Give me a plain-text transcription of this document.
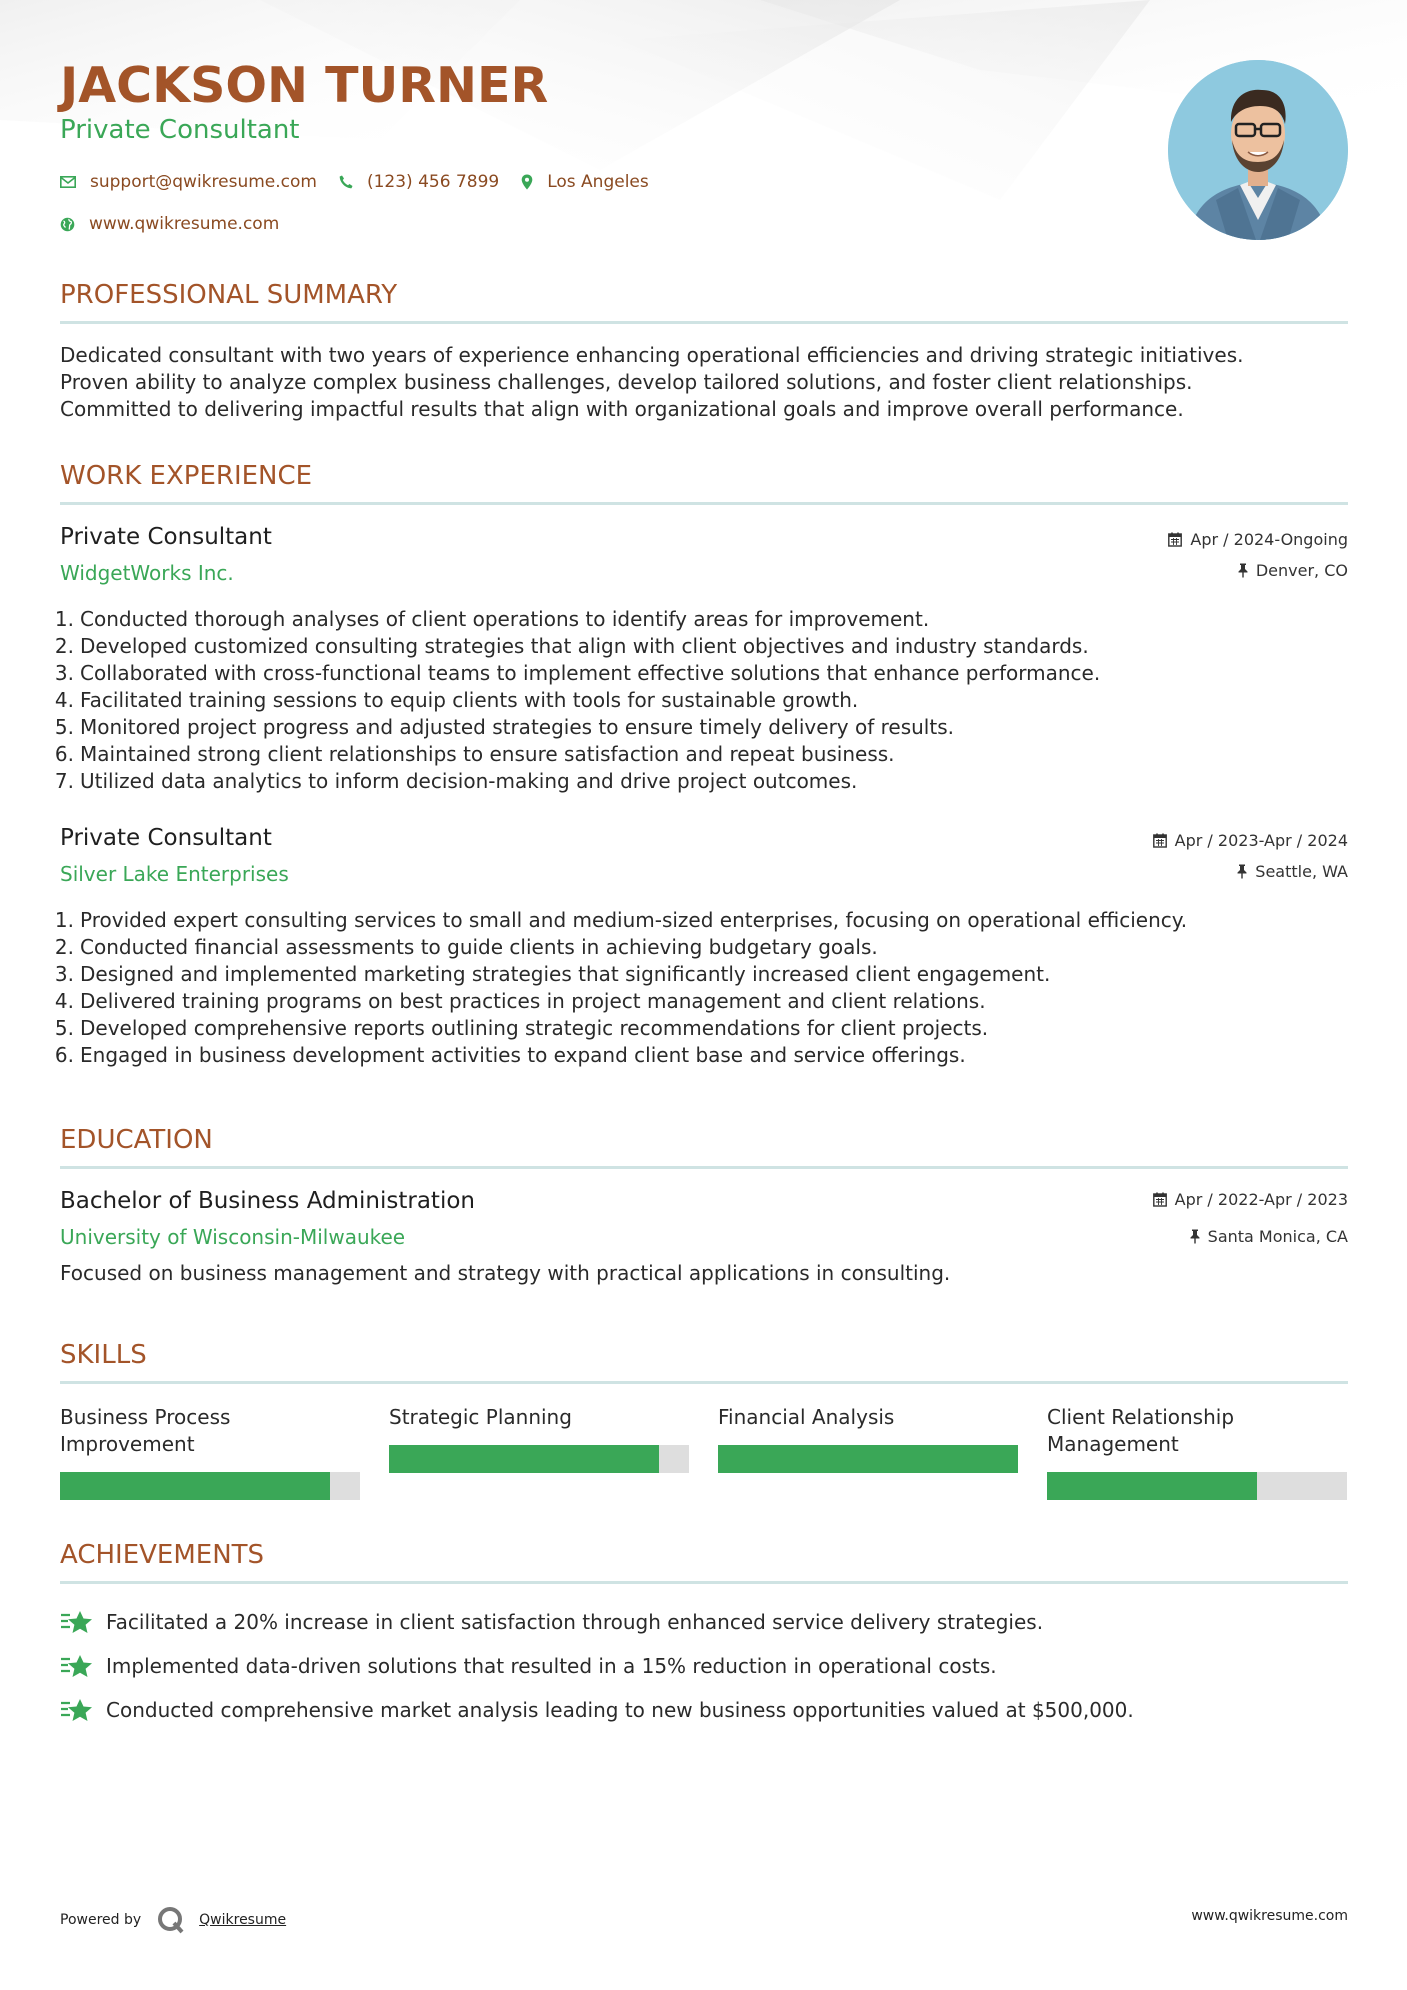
JACKSON TURNER
Private Consultant
support@qwikresume.com	(123) 456 7899	Los Angeles
www.qwikresume.com
PROFESSIONAL SUMMARY
Dedicated consultant with two years of experience enhancing operational efficiencies and driving strategic initiatives.
Proven ability to analyze complex business challenges, develop tailored solutions, and foster client relationships.
Committed to delivering impactful results that align with organizational goals and improve overall performance.
WORK EXPERIENCE
Private Consultant
WidgetWorks Inc.
Apr / 2024-Ongoing
Denver, CO
1. Conducted thorough analyses of client operations to identify areas for improvement.
2. Developed customized consulting strategies that align with client objectives and industry standards.
3. Collaborated with cross-functional teams to implement effective solutions that enhance performance.
4. Facilitated training sessions to equip clients with tools for sustainable growth.
5. Monitored project progress and adjusted strategies to ensure timely delivery of results.
6. Maintained strong client relationships to ensure satisfaction and repeat business.
7. Utilized data analytics to inform decision-making and drive project outcomes.
Private Consultant
Silver Lake Enterprises
Apr / 2023-Apr / 2024
Seattle, WA
1. Provided expert consulting services to small and medium-sized enterprises, focusing on operational efficiency.
2. Conducted financial assessments to guide clients in achieving budgetary goals.
3. Designed and implemented marketing strategies that significantly increased client engagement.
4. Delivered training programs on best practices in project management and client relations.
5. Developed comprehensive reports outlining strategic recommendations for client projects.
6. Engaged in business development activities to expand client base and service offerings.
EDUCATION
Bachelor of Business Administration
University of Wisconsin-Milwaukee
Apr / 2022-Apr / 2023
Santa Monica, CA
Focused on business management and strategy with practical applications in consulting.
SKILLS
Business Process
Improvement
Strategic Planning	Financial Analysis	Client Relationship
Management
ACHIEVEMENTS
Facilitated a 20% increase in client satisfaction through enhanced service delivery strategies.
Implemented data-driven solutions that resulted in a 15% reduction in operational costs.
Conducted comprehensive market analysis leading to new business opportunities valued at $500,000.
Powered by	Qwikresume	www.qwikresume.com
